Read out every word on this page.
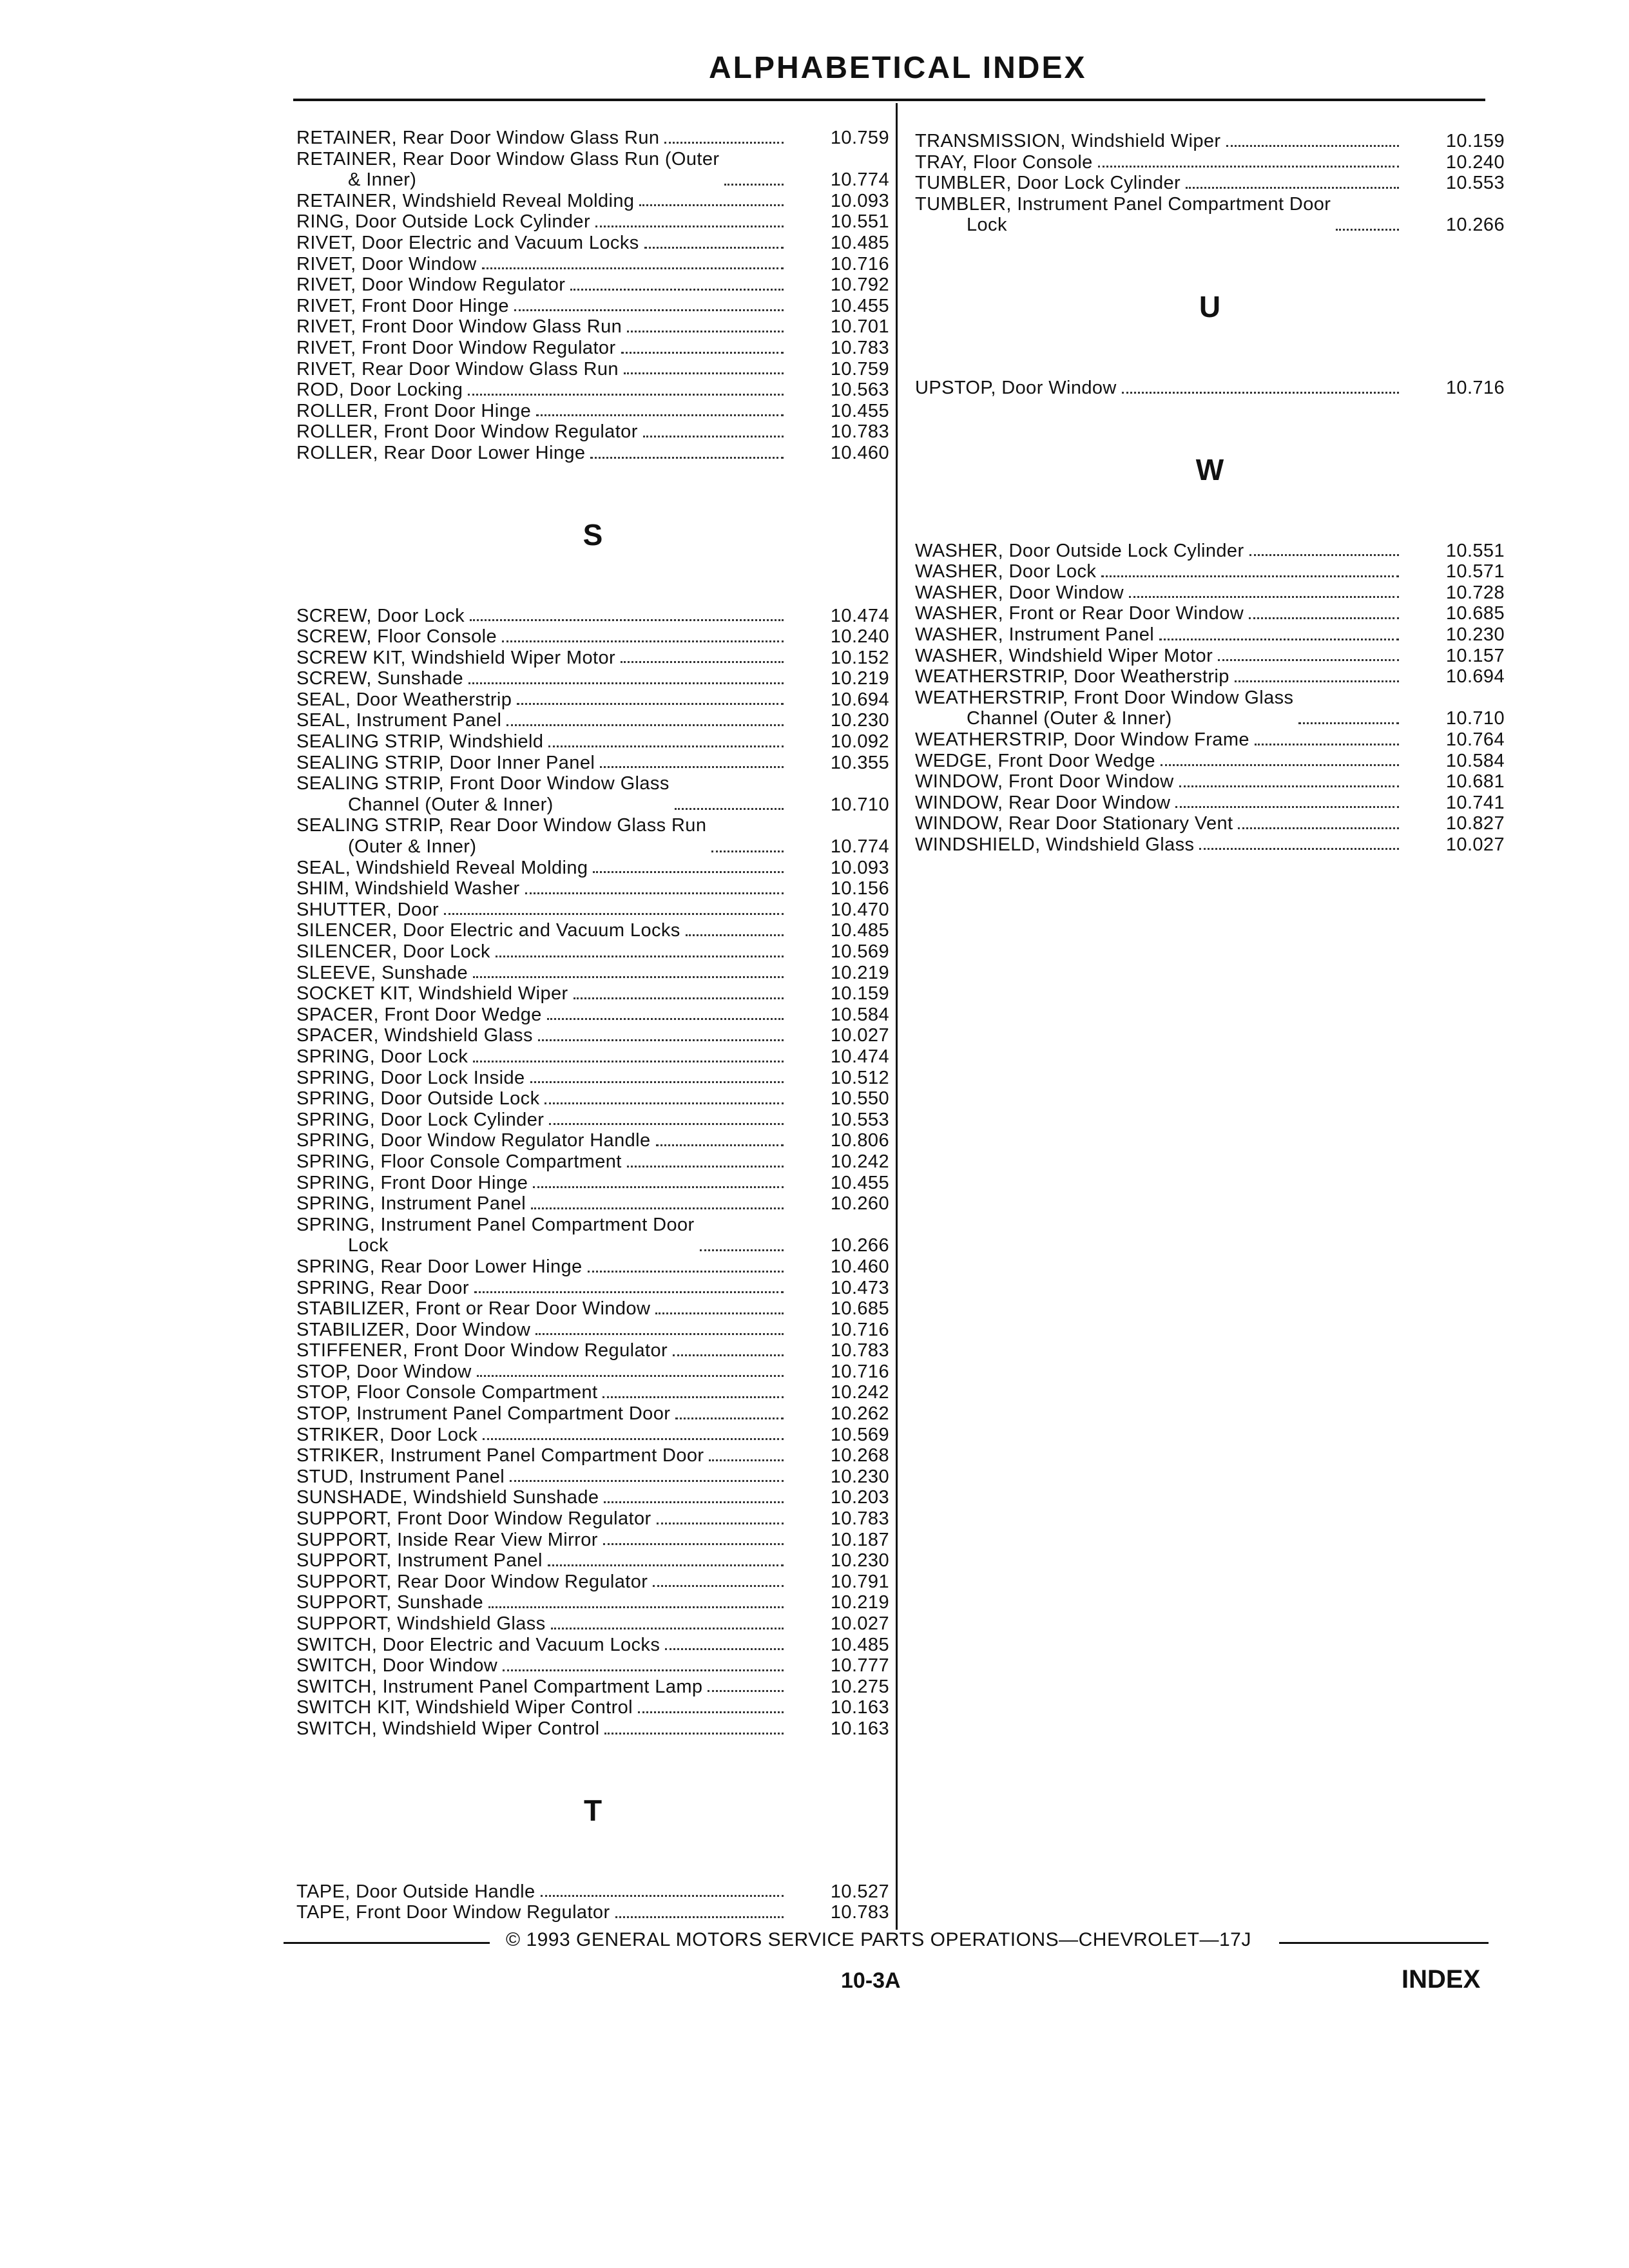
ALPHABETICAL INDEX
RETAINER, Rear Door Window Glass Run	10.759
RETAINER, Rear Door Window Glass Run (Outer
& Inner)	10.774
RETAINER, Windshield Reveal Molding	10.093
RING, Door Outside Lock Cylinder	10.551
RIVET, Door Electric and Vacuum Locks	10.485
RIVET, Door Window	10.716
RIVET, Door Window Regulator	10.792
RIVET, Front Door Hinge	10.455
RIVET, Front Door Window Glass Run	10.701
RIVET, Front Door Window Regulator	10.783
RIVET, Rear Door Window Glass Run	10.759
ROD, Door Locking	10.563
ROLLER, Front Door Hinge	10.455
ROLLER, Front Door Window Regulator	10.783
ROLLER, Rear Door Lower Hinge	10.460
S
SCREW, Door Lock	10.474
SCREW, Floor Console	10.240
SCREW KIT, Windshield Wiper Motor	10.152
SCREW, Sunshade	10.219
SEAL, Door Weatherstrip	10.694
SEAL, Instrument Panel	10.230
SEALING STRIP, Windshield	10.092
SEALING STRIP, Door Inner Panel	10.355
SEALING STRIP, Front Door Window Glass
Channel (Outer & Inner)	10.710
SEALING STRIP, Rear Door Window Glass Run
(Outer & Inner)	10.774
SEAL, Windshield Reveal Molding	10.093
SHIM, Windshield Washer	10.156
SHUTTER, Door	10.470
SILENCER, Door Electric and Vacuum Locks	10.485
SILENCER, Door Lock	10.569
SLEEVE, Sunshade	10.219
SOCKET KIT, Windshield Wiper	10.159
SPACER, Front Door Wedge	10.584
SPACER, Windshield Glass	10.027
SPRING, Door Lock	10.474
SPRING, Door Lock Inside	10.512
SPRING, Door Outside Lock	10.550
SPRING, Door Lock Cylinder	10.553
SPRING, Door Window Regulator Handle	10.806
SPRING, Floor Console Compartment	10.242
SPRING, Front Door Hinge	10.455
SPRING, Instrument Panel	10.260
SPRING, Instrument Panel Compartment Door
Lock	10.266
SPRING, Rear Door Lower Hinge	10.460
SPRING, Rear Door	10.473
STABILIZER, Front or Rear Door Window	10.685
STABILIZER, Door Window	10.716
STIFFENER, Front Door Window Regulator	10.783
STOP, Door Window	10.716
STOP, Floor Console Compartment	10.242
STOP, Instrument Panel Compartment Door	10.262
STRIKER, Door Lock	10.569
STRIKER, Instrument Panel Compartment Door	10.268
STUD, Instrument Panel	10.230
SUNSHADE, Windshield Sunshade	10.203
SUPPORT, Front Door Window Regulator	10.783
SUPPORT, Inside Rear View Mirror	10.187
SUPPORT, Instrument Panel	10.230
SUPPORT, Rear Door Window Regulator	10.791
SUPPORT, Sunshade	10.219
SUPPORT, Windshield Glass	10.027
SWITCH, Door Electric and Vacuum Locks	10.485
SWITCH, Door Window	10.777
SWITCH, Instrument Panel Compartment Lamp	10.275
SWITCH KIT, Windshield Wiper Control	10.163
SWITCH, Windshield Wiper Control	10.163
T
TAPE, Door Outside Handle	10.527
TAPE, Front Door Window Regulator	10.783
TRANSMISSION, Windshield Wiper	10.159
TRAY, Floor Console	10.240
TUMBLER, Door Lock Cylinder	10.553
TUMBLER, Instrument Panel Compartment Door
Lock	10.266
U
UPSTOP, Door Window	10.716
W
WASHER, Door Outside Lock Cylinder	10.551
WASHER, Door Lock	10.571
WASHER, Door Window	10.728
WASHER, Front or Rear Door Window	10.685
WASHER, Instrument Panel	10.230
WASHER, Windshield Wiper Motor	10.157
WEATHERSTRIP, Door Weatherstrip	10.694
WEATHERSTRIP, Front Door Window Glass
Channel (Outer & Inner)	10.710
WEATHERSTRIP, Door Window Frame	10.764
WEDGE, Front Door Wedge	10.584
WINDOW, Front Door Window	10.681
WINDOW, Rear Door Window	10.741
WINDOW, Rear Door Stationary Vent	10.827
WINDSHIELD, Windshield Glass	10.027
© 1993 GENERAL MOTORS SERVICE PARTS OPERATIONS—CHEVROLET—17J
10-3A	INDEX
